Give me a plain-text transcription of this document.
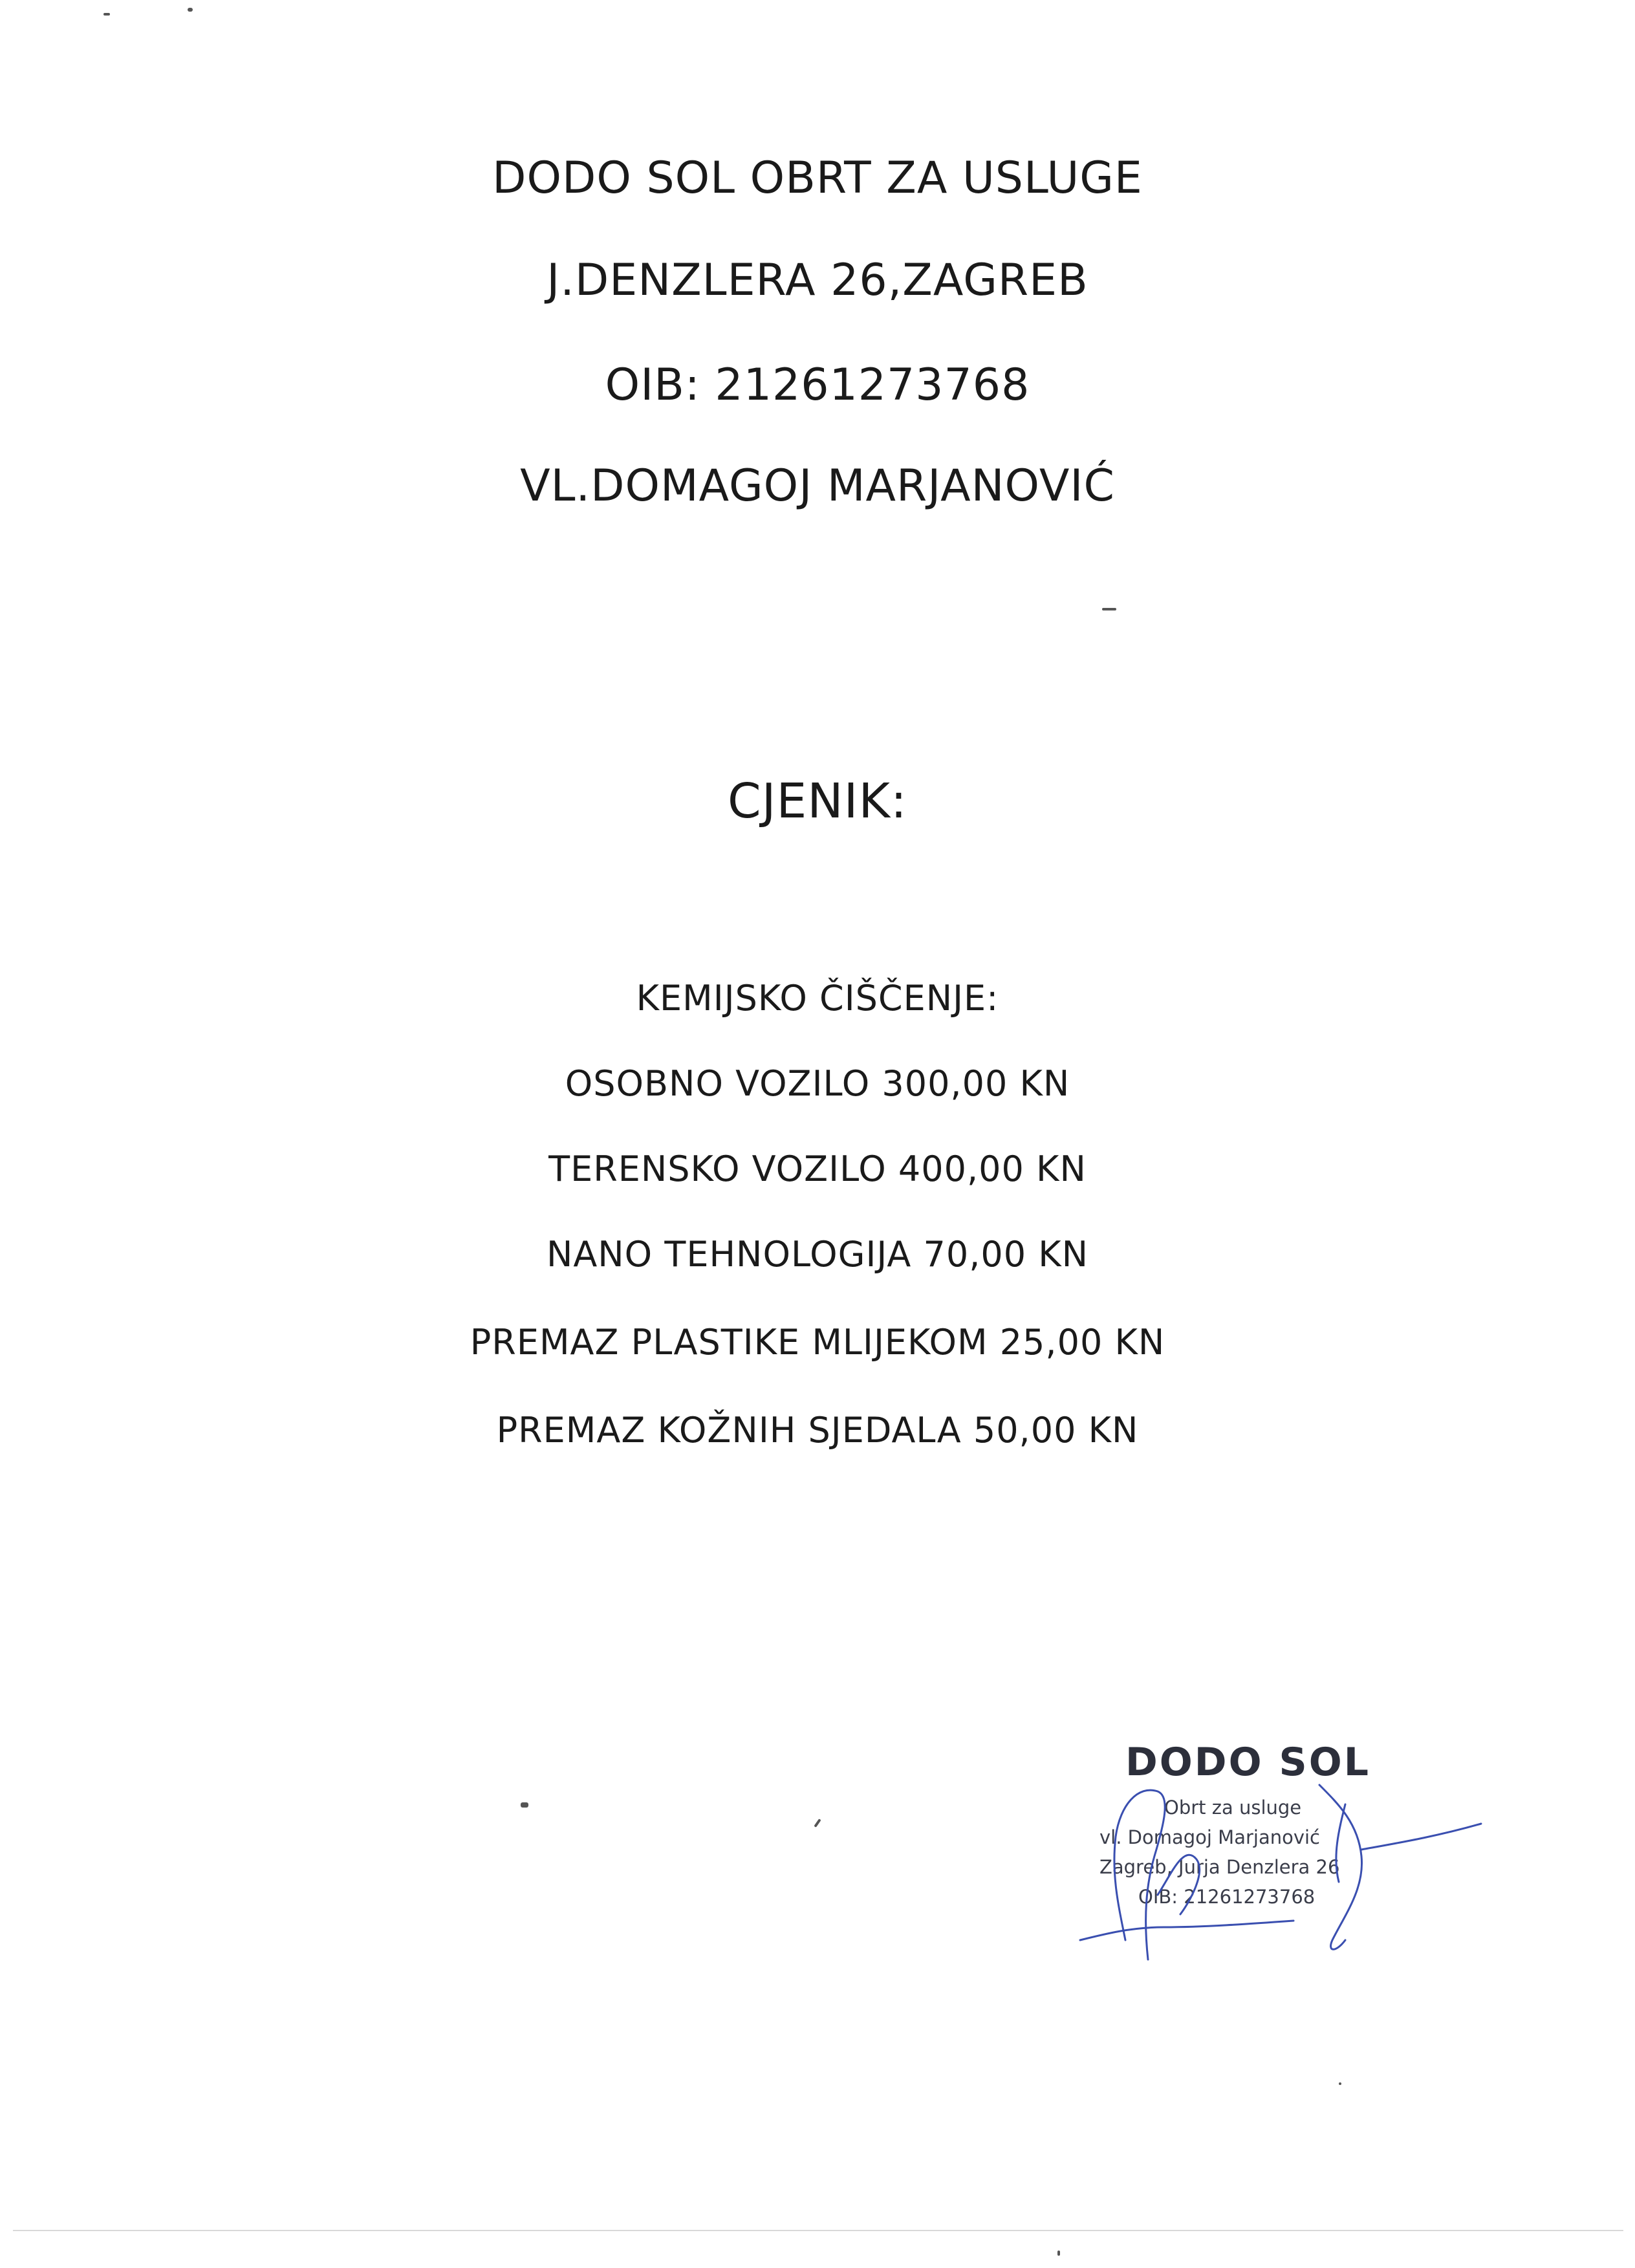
DODO SOL OBRT ZA USLUGE
J.DENZLERA 26,ZAGREB
OIB: 21261273768
VL.DOMAGOJ MARJANOVIĆ
CJENIK:
KEMIJSKO ČIŠČENJE:
OSOBNO VOZILO 300,00 KN
TERENSKO VOZILO 400,00 KN
NANO TEHNOLOGIJA 70,00 KN
PREMAZ PLASTIKE MLIJEKOM 25,00 KN
PREMAZ KOŽNIH SJEDALA 50,00 KN
DODO SOL
Obrt za usluge
vl. Domagoj Marjanović
Zagreb, Jurja Denzlera 26
OIB: 21261273768
